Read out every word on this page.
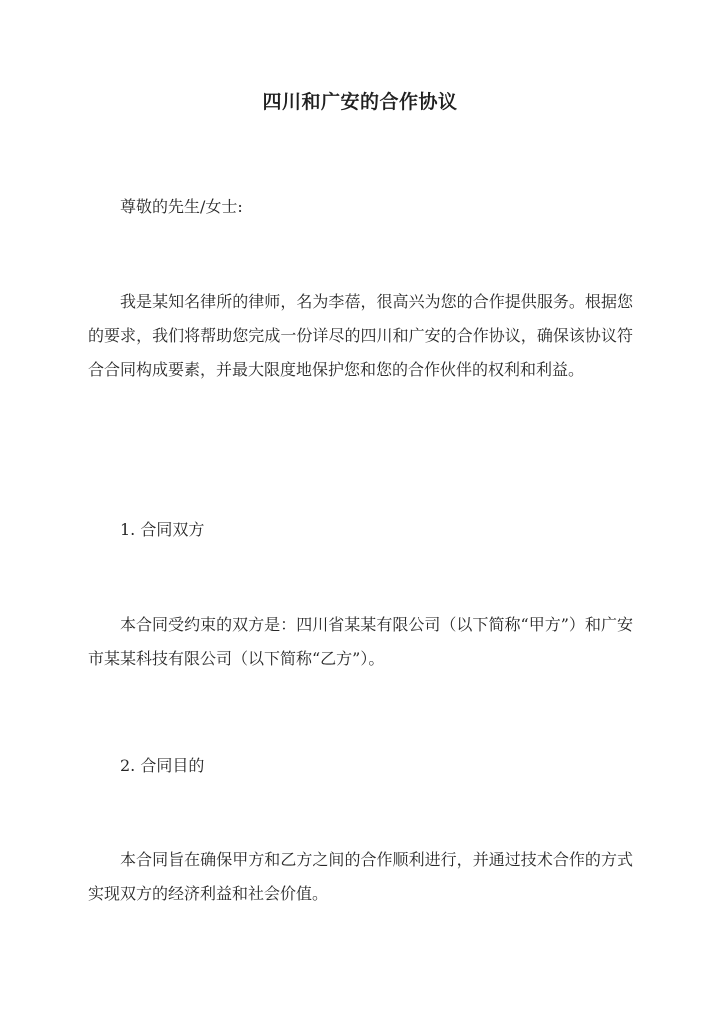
四川和广安的合作协议

尊敬的先生/女士:

我是某知名律所的律师，名为李蓓，很高兴为您的合作提供服务。根据您的要求，我们将帮助您完成一份详尽的四川和广安的合作协议，确保该协议符合合同构成要素，并最大限度地保护您和您的合作伙伴的权利和利益。

1. 合同双方

本合同受约束的双方是：四川省某某有限公司（以下简称“甲方”）和广安市某某科技有限公司（以下简称“乙方”）。

2. 合同目的

本合同旨在确保甲方和乙方之间的合作顺利进行，并通过技术合作的方式实现双方的经济利益和社会价值。
